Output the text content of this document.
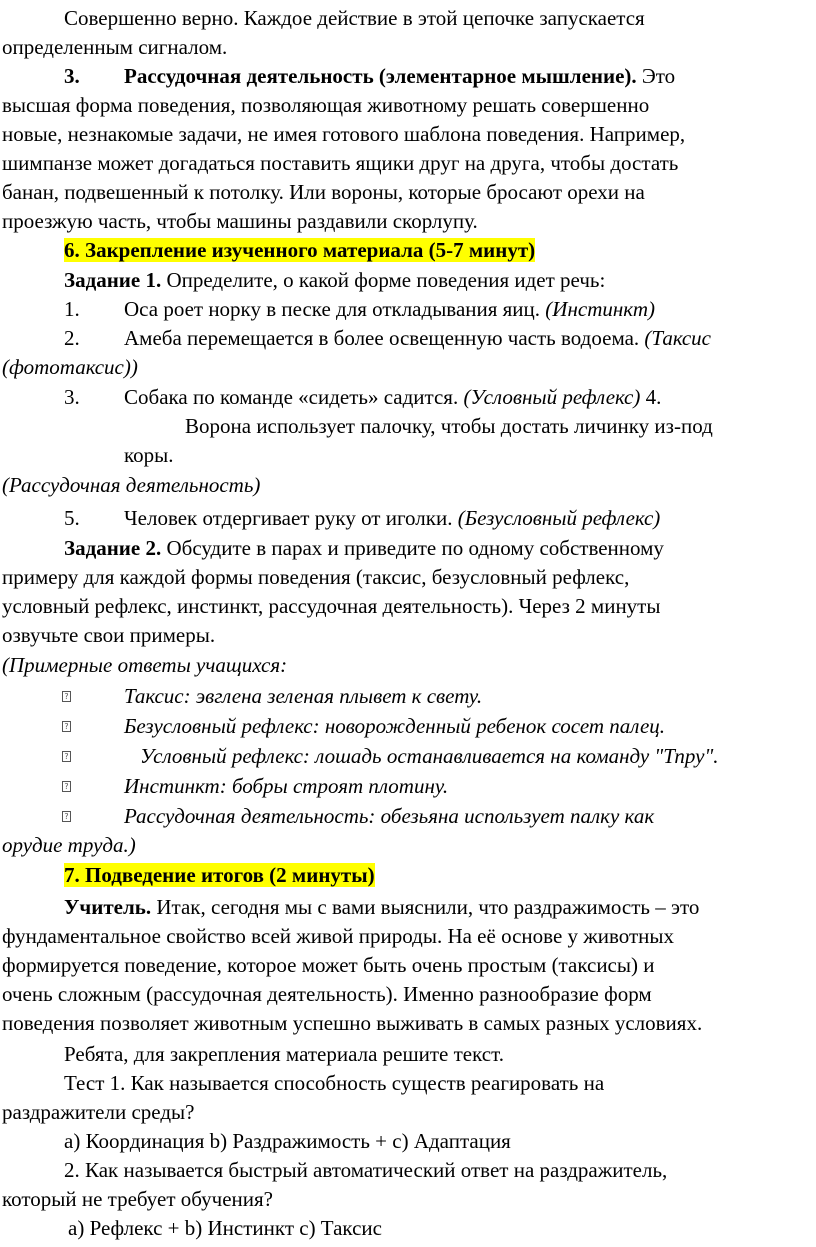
Совершенно верно. Каждое действие в этой цепочке запускается
определенным сигналом.
3. Рассудочная деятельность (элементарное мышление). Это
высшая форма поведения, позволяющая животному решать совершенно
новые, незнакомые задачи, не имея готового шаблона поведения. Например,
шимпанзе может догадаться поставить ящики друг на друга, чтобы достать
банан, подвешенный к потолку. Или вороны, которые бросают орехи на
проезжую часть, чтобы машины раздавили скорлупу.
6. Закрепление изученного материала (5-7 минут)
Задание 1. Определите, о какой форме поведения идет речь:
1. Оса роет норку в песке для откладывания яиц. (Инстинкт)
2. Амеба перемещается в более освещенную часть водоема. (Таксис
(фототаксис))
3. Собака по команде «сидеть» садится. (Условный рефлекс) 4.
Ворона использует палочку, чтобы достать личинку из-под
коры.
(Рассудочная деятельность)
5. Человек отдергивает руку от иголки. (Безусловный рефлекс)
Задание 2. Обсудите в парах и приведите по одному собственному
примеру для каждой формы поведения (таксис, безусловный рефлекс,
условный рефлекс, инстинкт, рассудочная деятельность). Через 2 минуты
озвучьте свои примеры.
(Примерные ответы учащихся:
?	Таксис: эвглена зеленая плывет к свету.
?	Безусловный рефлекс: новорожденный ребенок сосет палец.
?	Условный рефлекс: лошадь останавливается на команду "Тпру".
?	Инстинкт: бобры строят плотину.
?	Рассудочная деятельность: обезьяна использует палку как
орудие труда.)
7. Подведение итогов (2 минуты)
Учитель. Итак, сегодня мы с вами выяснили, что раздражимость – это
фундаментальное свойство всей живой природы. На её основе у животных
формируется поведение, которое может быть очень простым (таксисы) и
очень сложным (рассудочная деятельность). Именно разнообразие форм
поведения позволяет животным успешно выживать в самых разных условиях.
Ребята, для закрепления материала решите текст.
Тест 1. Как называется способность существ реагировать на
раздражители среды?
а) Координация b) Раздражимость + c) Адаптация
2. Как называется быстрый автоматический ответ на раздражитель,
который не требует обучения?
а) Рефлекс + b) Инстинкт c) Таксис
